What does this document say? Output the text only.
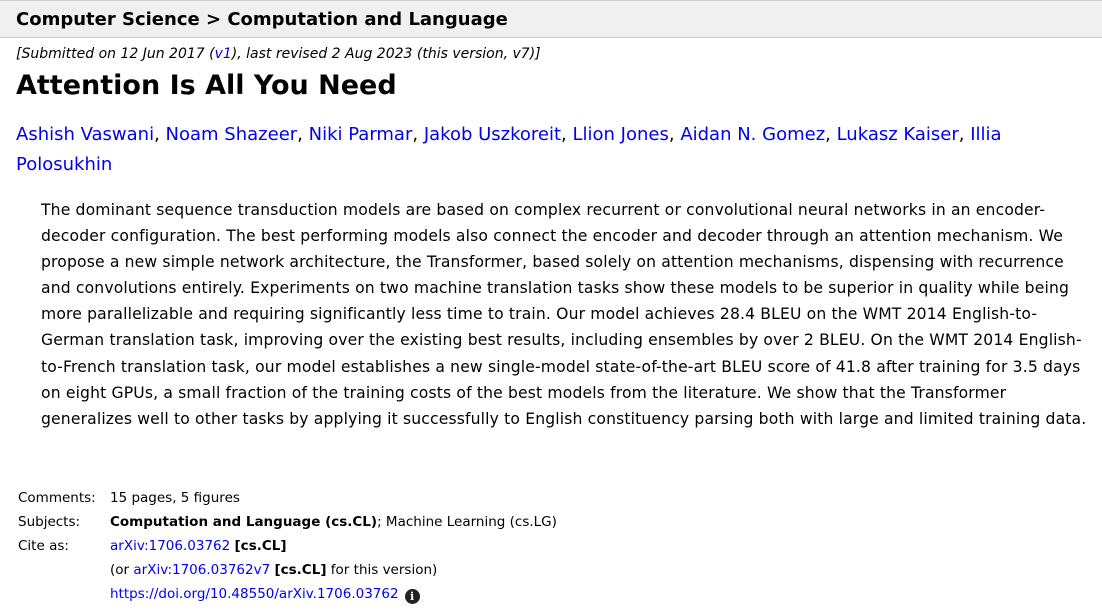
Computer Science > Computation and Language
[Submitted on 12 Jun 2017 (v1), last revised 2 Aug 2023 (this version, v7)]
Attention Is All You Need
Ashish Vaswani, Noam Shazeer, Niki Parmar, Jakob Uszkoreit, Llion Jones, Aidan N. Gomez, Lukasz Kaiser, Illia Polosukhin

The dominant sequence transduction models are based on complex recurrent or convolutional neural networks in an encoder-decoder configuration. The best performing models also connect the encoder and decoder through an attention mechanism. We propose a new simple network architecture, the Transformer, based solely on attention mechanisms, dispensing with recurrence and convolutions entirely. Experiments on two machine translation tasks show these models to be superior in quality while being more parallelizable and requiring significantly less time to train. Our model achieves 28.4 BLEU on the WMT 2014 English-to-German translation task, improving over the existing best results, including ensembles by over 2 BLEU. On the WMT 2014 English-to-French translation task, our model establishes a new single-model state-of-the-art BLEU score of 41.8 after training for 3.5 days on eight GPUs, a small fraction of the training costs of the best models from the literature. We show that the Transformer generalizes well to other tasks by applying it successfully to English constituency parsing both with large and limited training data.

Comments: 15 pages, 5 figures
Subjects: Computation and Language (cs.CL); Machine Learning (cs.LG)
Cite as:	arXiv:1706.03762 [cs.CL]
(or arXiv:1706.03762v7 [cs.CL] for this version)
https://doi.org/10.48550/arXiv.1706.03762 i
